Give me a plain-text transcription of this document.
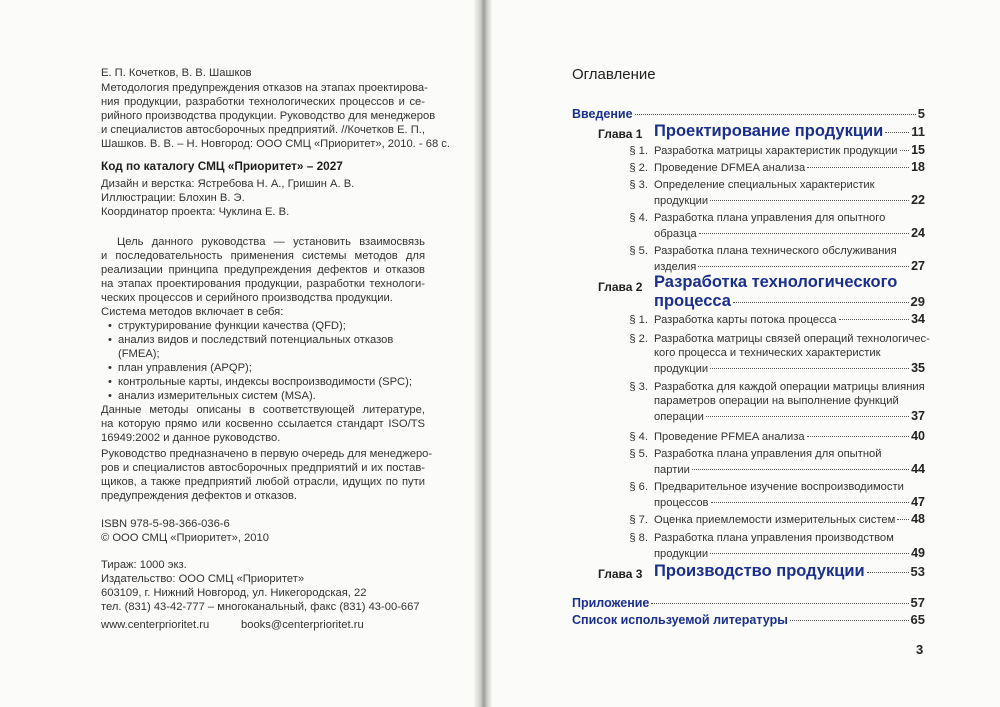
Е. П. Кочетков, В. В. Шашков
Методология предупреждения отказов на этапах проектирова-
ния продукции, разработки технологических процессов и се-
рийного производства продукции. Руководство для менеджеров
и специалистов автосборочных предприятий. //Кочетков Е. П.,
Шашков. В. В. – Н. Новгород: ООО СМЦ «Приоритет», 2010. - 68 с.
Код по каталогу СМЦ «Приоритет» – 2027
Дизайн и верстка: Ястребова Н. А., Гришин А. В.
Иллюстрации: Блохин В. Э.
Координатор проекта: Чуклина Е. В.
Цель данного руководства — установить взаимосвязь
и последовательность применения системы методов для
реализации принципа предупреждения дефектов и отказов
на этапах проектирования продукции, разработки технологи-
ческих процессов и серийного производства продукции.
Система методов включает в себя:
• структурирование функции качества (QFD);
• анализ видов и последствий потенциальных отказов
(FMEA);
• план управления (APQP);
• контрольные карты, индексы воспроизводимости (SPC);
• анализ измерительных систем (MSA).
Данные методы описаны в соответствующей литературе,
на которую прямо или косвенно ссылается стандарт ISO/TS
16949:2002 и данное руководство.
Руководство предназначено в первую очередь для менеджеро-
ров и специалистов автосборочных предприятий и их постав-
щиков, а также предприятий любой отрасли, идущих по пути
предупреждения дефектов и отказов.
ISBN 978-5-98-366-036-6
© ООО СМЦ «Приоритет», 2010
Тираж: 1000 экз.
Издательство: ООО СМЦ «Приоритет»
603109, г. Нижний Новгород, ул. Никегородская, 22
тел. (831) 43-42-777 – многоканальный, факс (831) 43-00-667
www.centerprioritet.ru	books@centerprioritet.ru
Оглавление
Введение	5
Глава 1 Проектирование продукции 11
§ 1. Разработка матрицы характеристик продукции 15
§ 2. Проведение DFMEA анализа	18
§ 3. Определение специальных характеристик
продукции	22
§ 4. Разработка плана управления для опытного
образца	24
§ 5. Разработка плана технического обслуживания
изделия	27
Глава 2 Разработка технологического
процесса	29
§ 1. Разработка карты потока процесса	34
§ 2. Разработка матрицы связей операций технологичес-
кого процесса и технических характеристик
продукции	35
§ 3. Разработка для каждой операции матрицы влияния
параметров операции на выполнение функций
операции	37
§ 4. Проведение PFMEA анализа	40
§ 5. Разработка плана управления для опытной
партии	44
§ 6. Предварительное изучение воспроизводимости
процессов	47
§ 7. Оценка приемлемости измерительных систем 48
§ 8. Разработка плана управления производством
продукции	49
Глава 3 Производство продукции	53
Приложение	57
Список используемой литературы	65
3
